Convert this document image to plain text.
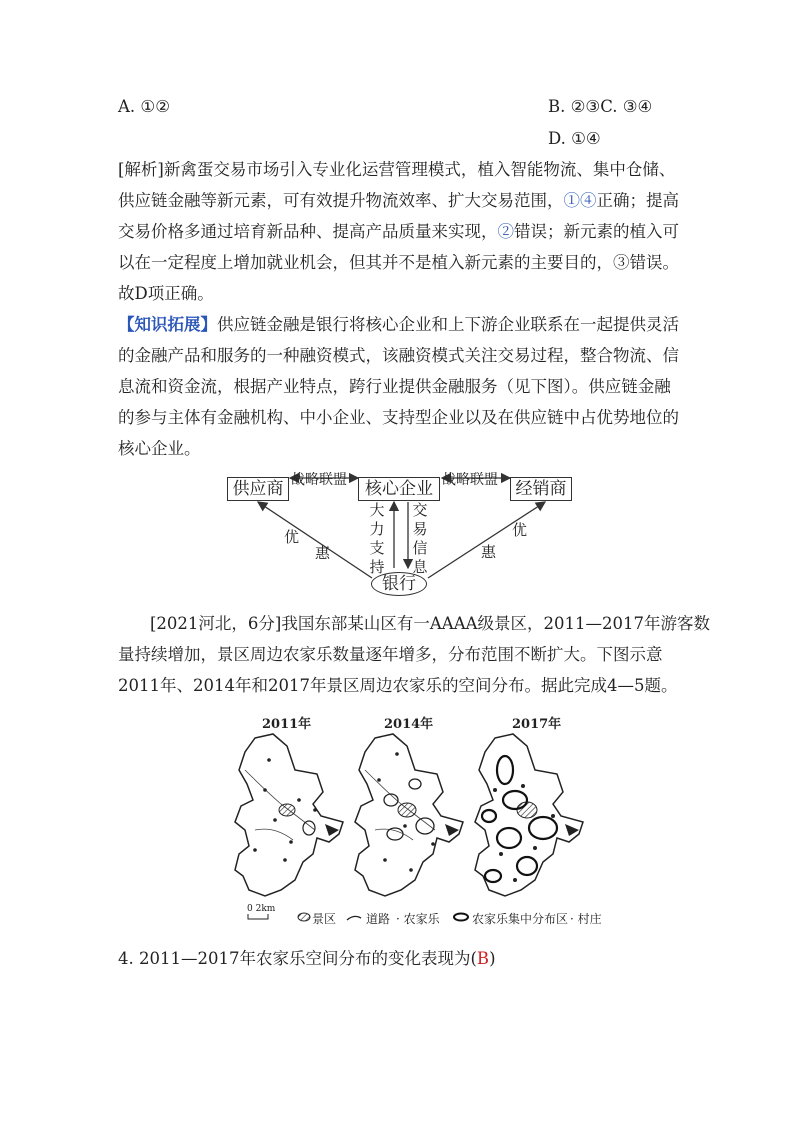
A. ①②	B. ②③C. ③④
D. ①④
[解析]新禽蛋交易市场引入专业化运营管理模式，植入智能物流、集中仓储、
供应链金融等新元素，可有效提升物流效率、扩大交易范围，①④正确；提高
交易价格多通过培育新品种、提高产品质量来实现，②错误；新元素的植入可
以在一定程度上增加就业机会，但其并不是植入新元素的主要目的，③错误。
故D项正确。
【知识拓展】供应链金融是银行将核心企业和上下游企业联系在一起提供灵活
的金融产品和服务的一种融资模式，该融资模式关注交易过程，整合物流、信
息流和资金流，根据产业特点，跨行业提供金融服务（见下图）。供应链金融
的参与主体有金融机构、中小企业、支持型企业以及在供应链中占优势地位的
核心企业。
供应商	核心企业	经销商
银行
战略联盟	战略联盟
大
力
支
持
交
易
信
息
优
惠
优
惠
[2021河北，6分]我国东部某山区有一AAAA级景区，2011—2017年游客数
量持续增加，景区周边农家乐数量逐年增多，分布范围不断扩大。下图示意
2011年、2014年和2017年景区周边农家乐的空间分布。据此完成4—5题。
2011年	2014年	2017年
0 2km
景区 道路 · 农家乐	农家乐集中分布区 · 村庄
4. 2011—2017年农家乐空间分布的变化表现为(B)
